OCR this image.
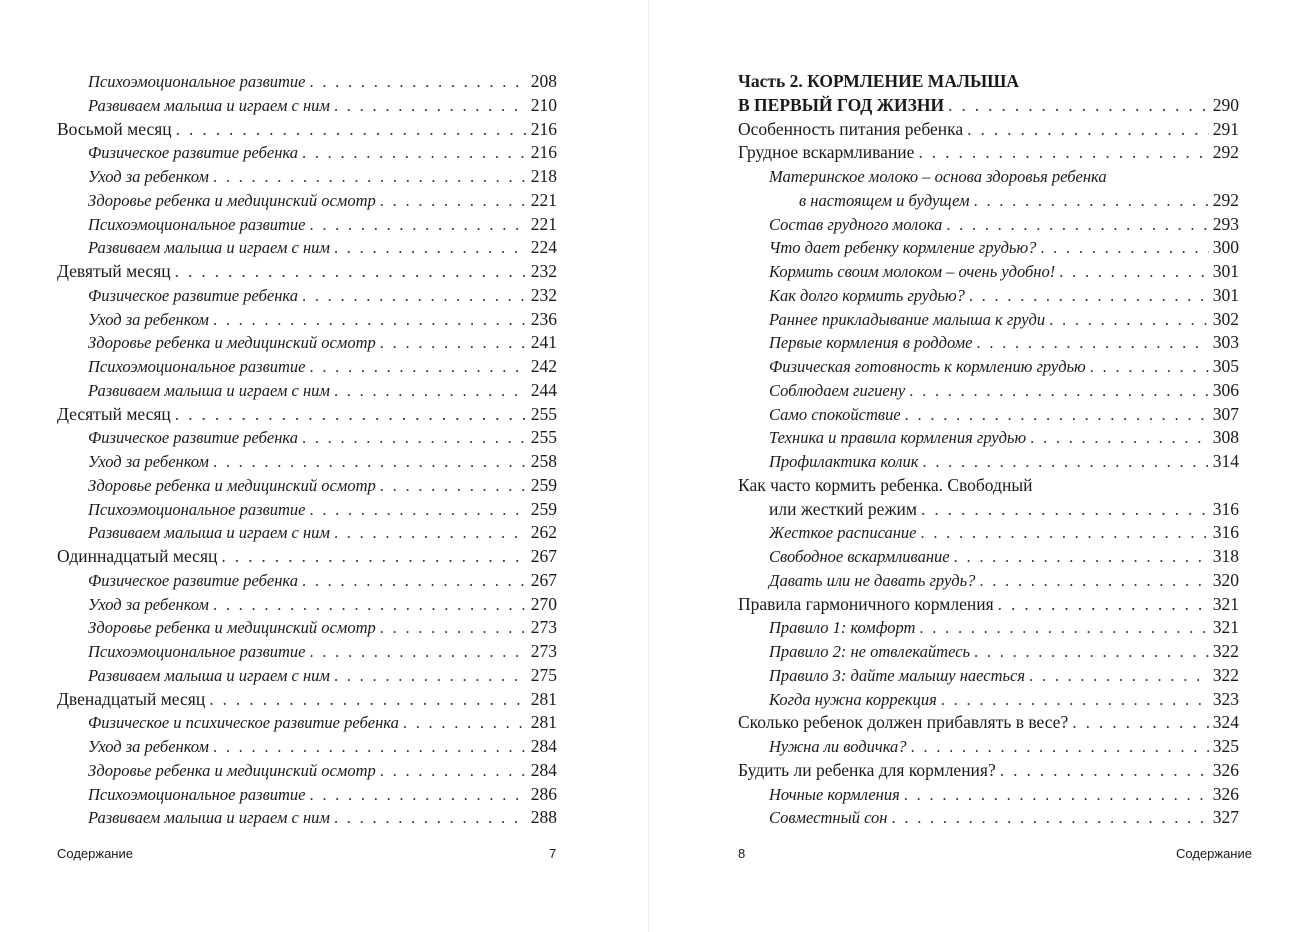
Психоэмоциональное развитие . . .	208
Развиваем малыша и играем с ним . . .	210
Восьмой месяц . . .	216
Физическое развитие ребенка . . .	216
Уход за ребенком . . .	218
Здоровье ребенка и медицинский осмотр . . .	221
Психоэмоциональное развитие . . .	221
Развиваем малыша и играем с ним . . .	224
Девятый месяц . . .	232
Физическое развитие ребенка . . .	232
Уход за ребенком . . .	236
Здоровье ребенка и медицинский осмотр . . .	241
Психоэмоциональное развитие . . .	242
Развиваем малыша и играем с ним . . .	244
Десятый месяц . . .	255
Физическое развитие ребенка . . .	255
Уход за ребенком . . .	258
Здоровье ребенка и медицинский осмотр . . .	259
Психоэмоциональное развитие . . .	259
Развиваем малыша и играем с ним . . .	262
Одиннадцатый месяц . . .	267
Физическое развитие ребенка . . .	267
Уход за ребенком . . .	270
Здоровье ребенка и медицинский осмотр . . .	273
Психоэмоциональное развитие . . .	273
Развиваем малыша и играем с ним . . .	275
Двенадцатый месяц . . .	281
Физическое и психическое развитие ребенка . . .	281
Уход за ребенком . . .	284
Здоровье ребенка и медицинский осмотр . . .	284
Психоэмоциональное развитие . . .	286
Развиваем малыша и играем с ним . . .	288
Содержание	7
Часть 2. КОРМЛЕНИЕ МАЛЫША
В ПЕРВЫЙ ГОД ЖИЗНИ . . .	290
Особенность питания ребенка . . .	291
Грудное вскармливание . . .	292
Материнское молоко – основа здоровья ребенка
в настоящем и будущем . . .	292
Состав грудного молока . . .	293
Что дает ребенку кормление грудью? . . .	300
Кормить своим молоком – очень удобно! . . .	301
Как долго кормить грудью? . . .	301
Раннее прикладывание малыша к груди . . .	302
Первые кормления в роддоме . . .	303
Физическая готовность к кормлению грудью . . .	305
Соблюдаем гигиену . . .	306
Само спокойствие . . .	307
Техника и правила кормления грудью . . .	308
Профилактика колик . . .	314
Как часто кормить ребенка. Свободный
или жесткий режим . . .	316
Жесткое расписание . . .	316
Свободное вскармливание . . .	318
Давать или не давать грудь? . . .	320
Правила гармоничного кормления . . .	321
Правило 1: комфорт . . .	321
Правило 2: не отвлекайтесь . . .	322
Правило 3: дайте малышу наесться . . .	322
Когда нужна коррекция . . .	323
Сколько ребенок должен прибавлять в весе? . . .	324
Нужна ли водичка? . . .	325
Будить ли ребенка для кормления? . . .	326
Ночные кормления . . .	326
Совместный сон . . .	327
8	Содержание
